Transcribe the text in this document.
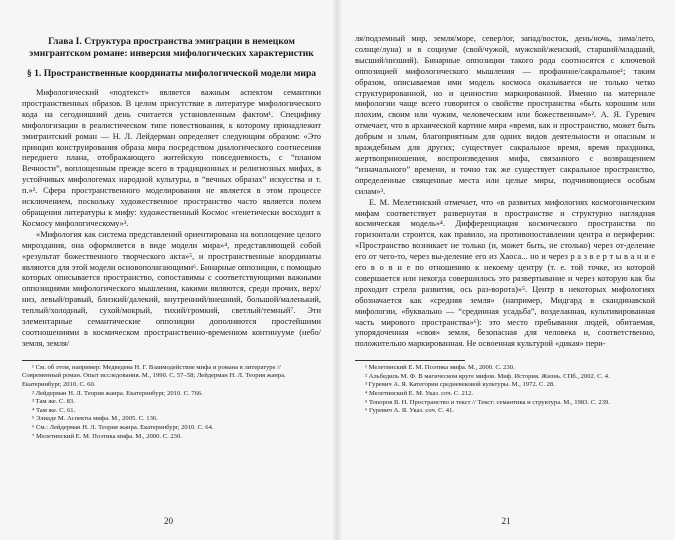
Глава I. Структура пространства эмиграции в немецком эмигрантском романе: инверсия мифологических характеристик
§ 1. Пространственные координаты мифологической модели мира

Мифологический «подтекст» является важным аспектом семантики пространственных образов. В целом присутствие в литературе мифологического кода на сегодняшний день считается установленным фактом¹. Специфику мифологизации в реалистическом типе повествования, к которому принадлежит эмигрантский роман — Н. Л. Лейдерман определяет следующим образом: «Это принцип конструирования образа мира посредством диалогического соотнесения переднего плана, отображающего житейскую повседневность, с “планом Вечности”, воплощенным прежде всего в традиционных и религиозных мифах, в устойчивых мифологемах народной культуры, в “вечных образах” искусства и т. п.»². Сфера пространственного моделирования не является в этом процессе исключением, поскольку художественное пространство часто является полем обращения литературы к мифу: художественный Космос «генетически восходит к Космосу мифологическому»³.

«Мифология как система представлений ориентирована на воплощение целого мироздания, она оформляется в виде модели мира»⁴, представляющей собой «результат божественного творческого акта»⁵, и пространственные координаты являются для этой модели основополагающими⁶. Бинарные оппозиции, с помощью которых описывается пространство, сопоставимы с соответствующими важными оппозициями мифологического мышления, какими являются, среди прочих, верх/низ, левый/правый, близкий/далекий, внутренний/внешний, большой/маленький, теплый/холодный, сухой/мокрый, тихий/громкий, светлый/темный⁷. Эти элементарные семантические оппозиции дополняются простейшими соотношениями в космическом пространственно-временном континууме (небо/земля, земля/

¹ См. об этом, например: Медведева Н. Г. Взаимодействие мифа и романа в литературе // Современный роман. Опыт исследования. М., 1990. С. 57–58; Лейдерман Н. Л. Теория жанра. Екатеринбург, 2010. С. 60.
² Лейдерман Н. Л. Теория жанра. Екатеринбург, 2010. С. 766.
³ Там же. С. 83.
⁴ Там же. С. 61.
⁵ Элиаде М. Аспекты мифа. М., 2005. С. 136.
⁶ См.: Лейдерман Н. Л. Теория жанра. Екатеринбург, 2010. С. 64.
⁷ Мелетинский Е. М. Поэтика мифа. М., 2000. С. 230.
20

ля/подземный мир, земля/море, север/юг, запад/восток, день/ночь, зима/лето, солнце/луна) и в социуме (свой/чужой, мужской/женский, старший/младший, высший/низший). Бинарные оппозиции такого рода соотносятся с ключевой оппозицией мифологического мышления — профанное/сакральное¹; таким образом, описываемая ими модель космоса оказывается не только четко структурированной, но и ценностно маркированной. Именно на материале мифологии чаще всего говорится о свойстве пространства «быть хорошим или плохим, своим или чужим, человеческим или божественным»². А. Я. Гуревич отмечает, что в архаической картине мира «время, как и пространство, может быть добрым и злым, благоприятным для одних видов деятельности и опасным и враждебным для других; существует сакральное время, время праздника, жертвоприношения, воспроизведения мифа, связанного с возвращением “изначального” времени, и точно так же существует сакральное пространство, определенные священные места или целые миры, подчиняющиеся особым силам»³.

Е. М. Мелетинский отмечает, что «в развитых мифологиях космогоническим мифам соответствует развернутая в пространстве и структурно наглядная космическая модель»⁴. Дифференциация космического пространства по горизонтали строится, как правило, на противопоставлении центра и периферии: «Пространство возникает не только (и, может быть, не столько) через от-деление его от чего-то, через вы-деление его из Хаоса... но и через р а з в е р т ы в а н и е его в о в н е по отношению к некоему центру (т. е. той точке, из которой совершается или некогда совершилось это развертывание и через которую как бы проходит стрела развития, ось раз-ворота)»⁵. Центр в некоторых мифологиях обозначается как «средняя земля» (например, Мидгард в скандинавской мифологии, «буквально — “срединная усадьба”, возделанная, культивированная часть мирового пространства»⁶): это место пребывания людей, обитаемая, упорядоченная «своя» земля, безопасная для человека и, соответственно, положительно маркированная. Не освоенная культурой «дикая» пери-

¹ Мелетинский Е. М. Поэтика мифа. М., 2000. С. 230.
² Альбедиль М. Ф. В магическом круге мифов. Миф. История. Жизнь. СПб., 2002. С. 4.
³ Гуревич А. Я. Категории средневековой культуры. М., 1972. С. 28.
⁴ Мелетинский Е. М. Указ. соч. С. 212.
⁵ Топоров В. Н. Пространство и текст // Текст: семантика и структура. М., 1983. С. 239.
⁶ Гуревич А. Я. Указ. соч. С. 41.
21
